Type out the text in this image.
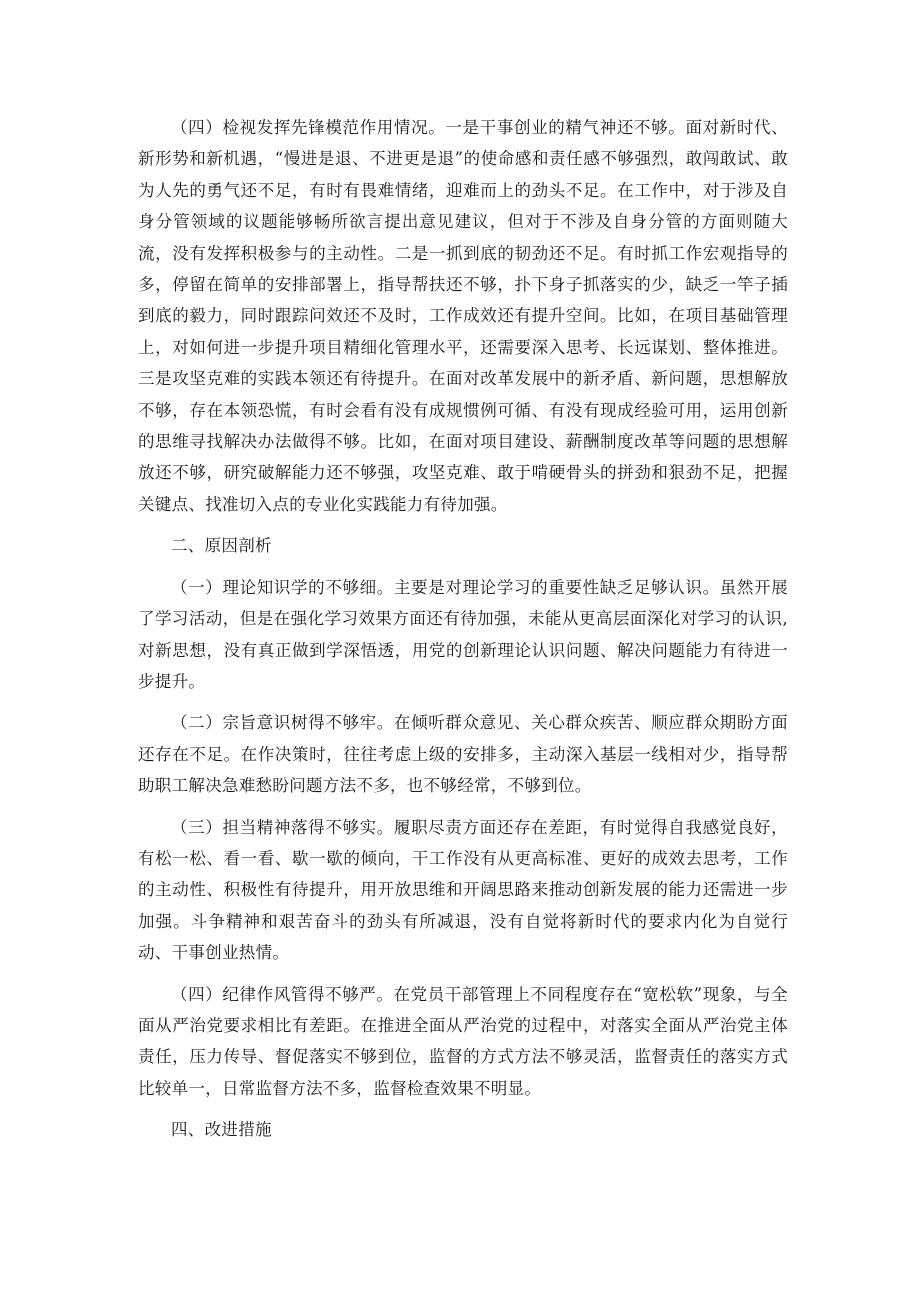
（四）检视发挥先锋模范作用情况。一是干事创业的精气神还不够。面对新时代、新形势和新机遇，“慢进是退、不进更是退”的使命感和责任感不够强烈，敢闯敢试、敢为人先的勇气还不足，有时有畏难情绪，迎难而上的劲头不足。在工作中，对于涉及自身分管领域的议题能够畅所欲言提出意见建议，但对于不涉及自身分管的方面则随大流，没有发挥积极参与的主动性。二是一抓到底的韧劲还不足。有时抓工作宏观指导的多，停留在简单的安排部署上，指导帮扶还不够，扑下身子抓落实的少，缺乏一竿子插到底的毅力，同时跟踪问效还不及时，工作成效还有提升空间。比如，在项目基础管理上，对如何进一步提升项目精细化管理水平，还需要深入思考、长远谋划、整体推进。三是攻坚克难的实践本领还有待提升。在面对改革发展中的新矛盾、新问题，思想解放不够，存在本领恐慌，有时会看有没有成规惯例可循、有没有现成经验可用，运用创新的思维寻找解决办法做得不够。比如，在面对项目建设、薪酬制度改革等问题的思想解放还不够，研究破解能力还不够强，攻坚克难、敢于啃硬骨头的拼劲和狠劲不足，把握关键点、找准切入点的专业化实践能力有待加强。

二、原因剖析

（一）理论知识学的不够细。主要是对理论学习的重要性缺乏足够认识。虽然开展了学习活动，但是在强化学习效果方面还有待加强，未能从更高层面深化对学习的认识,对新思想，没有真正做到学深悟透，用党的创新理论认识问题、解决问题能力有待进一步提升。

（二）宗旨意识树得不够牢。在倾听群众意见、关心群众疾苦、顺应群众期盼方面还存在不足。在作决策时，往往考虑上级的安排多，主动深入基层一线相对少，指导帮助职工解决急难愁盼问题方法不多，也不够经常，不够到位。

（三）担当精神落得不够实。履职尽责方面还存在差距，有时觉得自我感觉良好，有松一松、看一看、歇一歇的倾向，干工作没有从更高标准、更好的成效去思考，工作的主动性、积极性有待提升，用开放思维和开阔思路来推动创新发展的能力还需进一步加强。斗争精神和艰苦奋斗的劲头有所减退，没有自觉将新时代的要求内化为自觉行动、干事创业热情。

（四）纪律作风管得不够严。在党员干部管理上不同程度存在“宽松软”现象，与全面从严治党要求相比有差距。在推进全面从严治党的过程中，对落实全面从严治党主体责任，压力传导、督促落实不够到位，监督的方式方法不够灵活，监督责任的落实方式比较单一，日常监督方法不多，监督检查效果不明显。

四、改进措施
